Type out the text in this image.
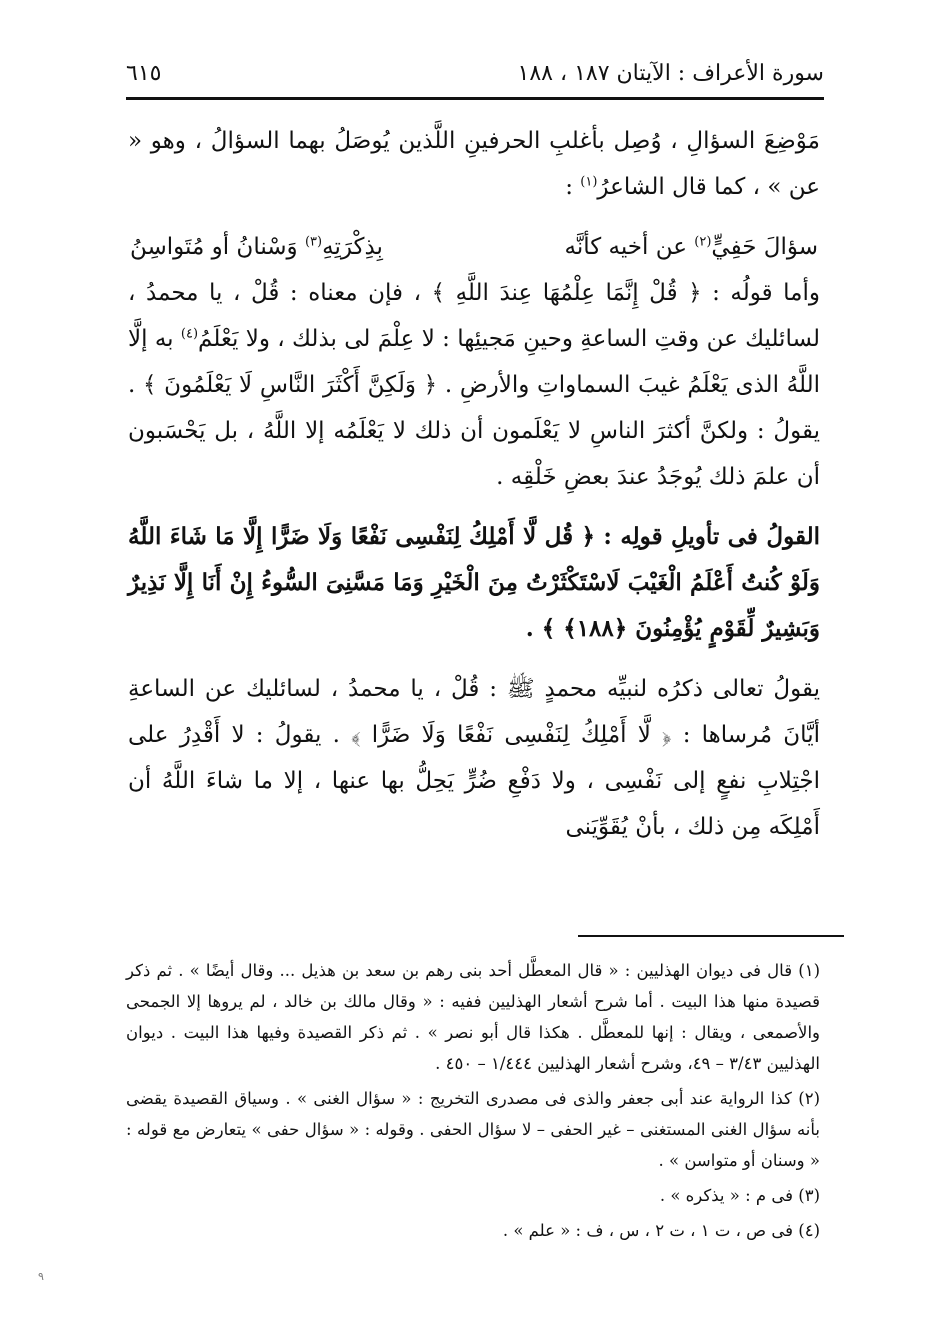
سورة الأعراف : الآيتان ١٨٧ ، ١٨٨
٦١٥

مَوْضِعَ السؤالِ ، وُصِل بأغلبِ الحرفينِ اللَّذين يُوصَلُ بهما السؤالُ ، وهو « عن » ، كما قال الشاعرُ$^{(١)}$ :

سؤالَ حَفِيٍّ$^{(٢)}$ عن أخيه كأنَّه
بِذِكْرَتِهِ$^{(٣)}$ وَسْنانُ أو مُتَواسِنُ

وأما قولُه : ﴿ قُلْ إِنَّمَا عِلْمُهَا عِندَ اللَّهِ ﴾ ، فإن معناه : قُلْ ، يا محمدُ ، لسائليك عن وقتِ الساعةِ وحينِ مَجيئِها : لا عِلْمَ لى بذلك ، ولا يَعْلَمُ$^{(٤)}$ به إلَّا اللَّهُ الذى يَعْلَمُ غيبَ السماواتِ والأرضِ . ﴿ وَلَكِنَّ أَكْثَرَ النَّاسِ لَا يَعْلَمُونَ ﴾ . يقولُ : ولكنَّ أكثرَ الناسِ لا يَعْلَمون أن ذلك لا يَعْلَمُه إلا اللَّهُ ، بل يَحْسَبون أن علمَ ذلك يُوجَدُ عندَ بعضِ خَلْقِه .

القولُ فى تأويلِ قولِه : ﴿ قُل لَّا أَمْلِكُ لِنَفْسِى نَفْعًا وَلَا ضَرًّا إِلَّا مَا شَاءَ اللَّهُ وَلَوْ كُنتُ أَعْلَمُ الْغَيْبَ لَاسْتَكْثَرْتُ مِنَ الْخَيْرِ وَمَا مَسَّنِىَ السُّوءُ إِنْ أَنَا إِلَّا نَذِيرٌ وَبَشِيرٌ لِّقَوْمٍ يُؤْمِنُونَ ﴿١٨٨﴾ ﴾ .

يقولُ تعالى ذكرُه لنبيِّه محمدٍ ﷺ : قُلْ ، يا محمدُ ، لسائليك عن الساعةِ أيَّانَ مُرساها : ﴿ لَّا أَمْلِكُ لِنَفْسِى نَفْعًا وَلَا ضَرًّا ﴾ . يقولُ : لا أَقْدِرُ على اجْتِلابِ نفعٍ إلى نَفْسِى ، ولا دَفْعِ ضُرٍّ يَحِلُّ بها عنها ، إلا ما شاءَ اللَّهُ أن أَمْلِكَه مِن ذلك ، بأنْ يُقَوِّيَنى

(١) قال فى ديوان الهذليين : « قال المعطَّل أحد بنى رهم بن سعد بن هذيل ... وقال أيضًا » . ثم ذكر قصيدة منها هذا البيت . أما شرح أشعار الهذليين ففيه : « وقال مالك بن خالد ، لم يروها إلا الجمحى والأصمعى ، ويقال : إنها للمعطَّل . هكذا قال أبو نصر » . ثم ذكر القصيدة وفيها هذا البيت . ديوان الهذليين ٣/٤٣ – ٤٩، وشرح أشعار الهذليين ١/٤٤٤ – ٤٥٠ .

(٢) كذا الرواية عند أبى جعفر والذى فى مصدرى التخريج : « سؤال الغنى » . وسياق القصيدة يقضى بأنه سؤال الغنى المستغنى – غير الحفى – لا سؤال الحفى . وقوله : « سؤال حفى » يتعارض مع قوله : « وسنان أو متواسن » .

(٣) فى م : « يذكره » .

(٤) فى ص ، ت ١ ، ت ٢ ، س ، ف : « علم » .

٩
